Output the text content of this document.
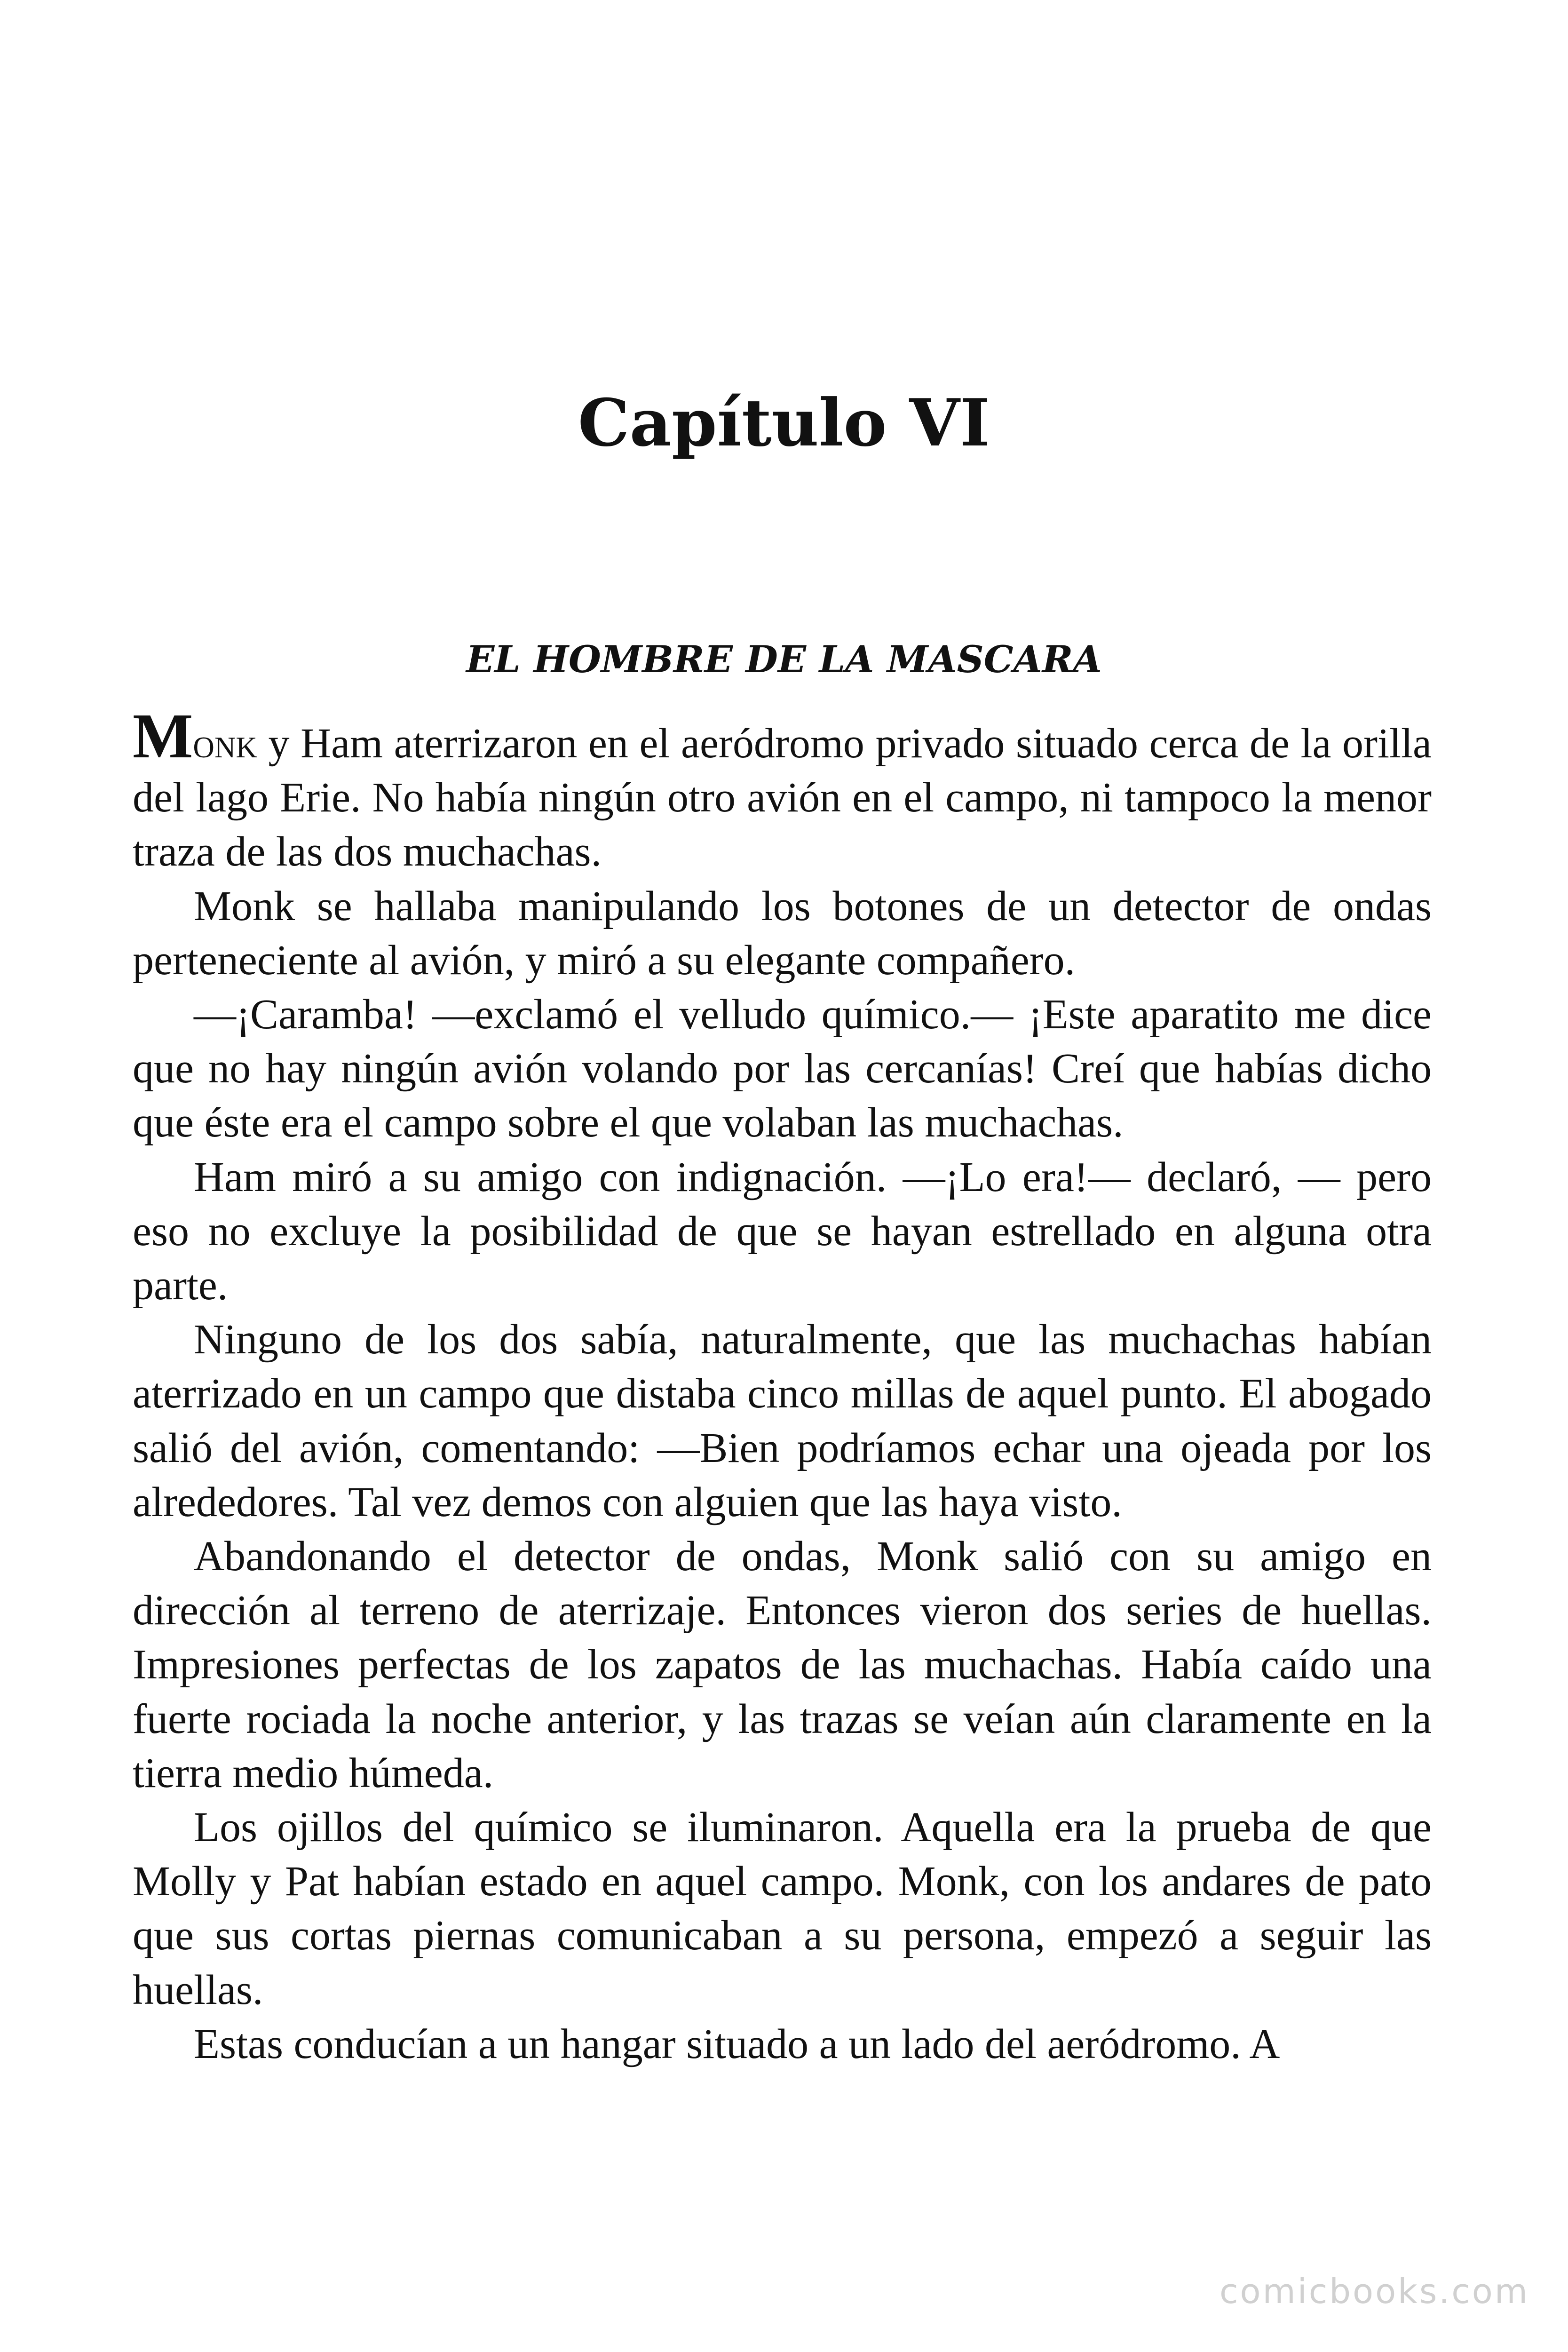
Capítulo VI
EL HOMBRE DE LA MASCARA

Monk y Ham aterrizaron en el aeródromo privado situado cerca de la orilla del lago Erie. No había ningún otro avión en el campo, ni tampoco la menor traza de las dos muchachas.

Monk se hallaba manipulando los botones de un detector de ondas perteneciente al avión, y miró a su elegante compañero.

—¡Caramba! —exclamó el velludo químico.— ¡Este aparatito me dice que no hay ningún avión volando por las cercanías! Creí que habías dicho que éste era el campo sobre el que volaban las muchachas.

Ham miró a su amigo con indignación. —¡Lo era!— declaró, — pero eso no excluye la posibilidad de que se hayan estrellado en alguna otra parte.

Ninguno de los dos sabía, naturalmente, que las muchachas habían aterrizado en un campo que distaba cinco millas de aquel punto. El abogado salió del avión, comentando: —Bien podríamos echar una ojeada por los alrededores. Tal vez demos con alguien que las haya visto.

Abandonando el detector de ondas, Monk salió con su amigo en dirección al terreno de aterrizaje. Entonces vieron dos series de huellas. Impresiones perfectas de los zapatos de las muchachas. Había caído una fuerte rociada la noche anterior, y las trazas se veían aún claramente en la tierra medio húmeda.

Los ojillos del químico se iluminaron. Aquella era la prueba de que Molly y Pat habían estado en aquel campo. Monk, con los andares de pato que sus cortas piernas comunicaban a su persona, empezó a seguir las huellas.

Estas conducían a un hangar situado a un lado del aeródromo. A

comicbooks.com
